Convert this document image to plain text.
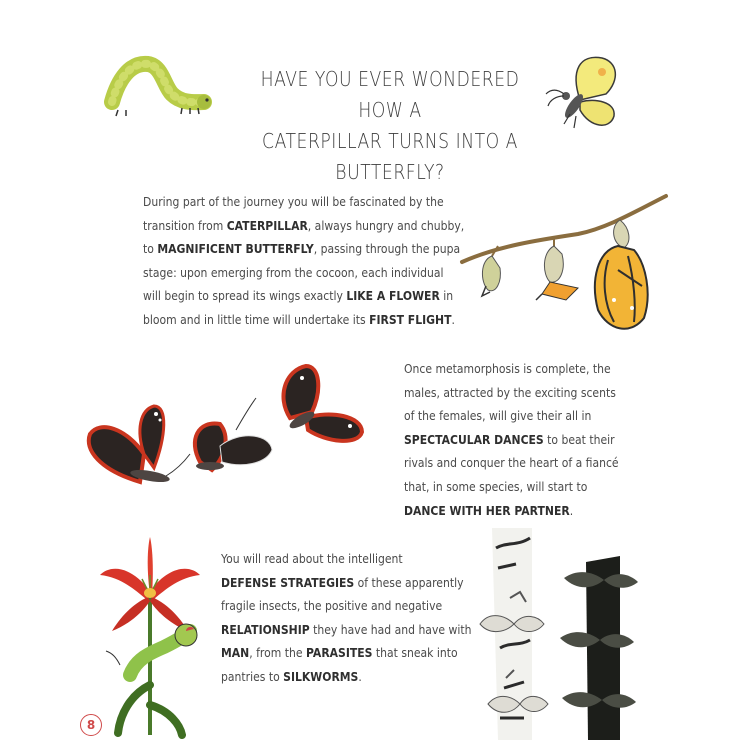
HAVE YOU EVER WONDERED HOW A
CATERPILLAR TURNS INTO A BUTTERFLY?
During part of the journey you will be fascinated by the
transition from CATERPILLAR, always hungry and chubby,
to MAGNIFICENT BUTTERFLY, passing through the pupa
stage: upon emerging from the cocoon, each individual
will begin to spread its wings exactly LIKE A FLOWER in
bloom and in little time will undertake its FIRST FLIGHT.
Once metamorphosis is complete, the
males, attracted by the exciting scents
of the females, will give their all in
SPECTACULAR DANCES to beat their
rivals and conquer the heart of a fiancé
that, in some species, will start to
DANCE WITH HER PARTNER.
You will read about the intelligent
DEFENSE STRATEGIES of these apparently
fragile insects, the positive and negative
RELATIONSHIP they have had and have with
MAN, from the PARASITES that sneak into
pantries to SILKWORMS.
8
